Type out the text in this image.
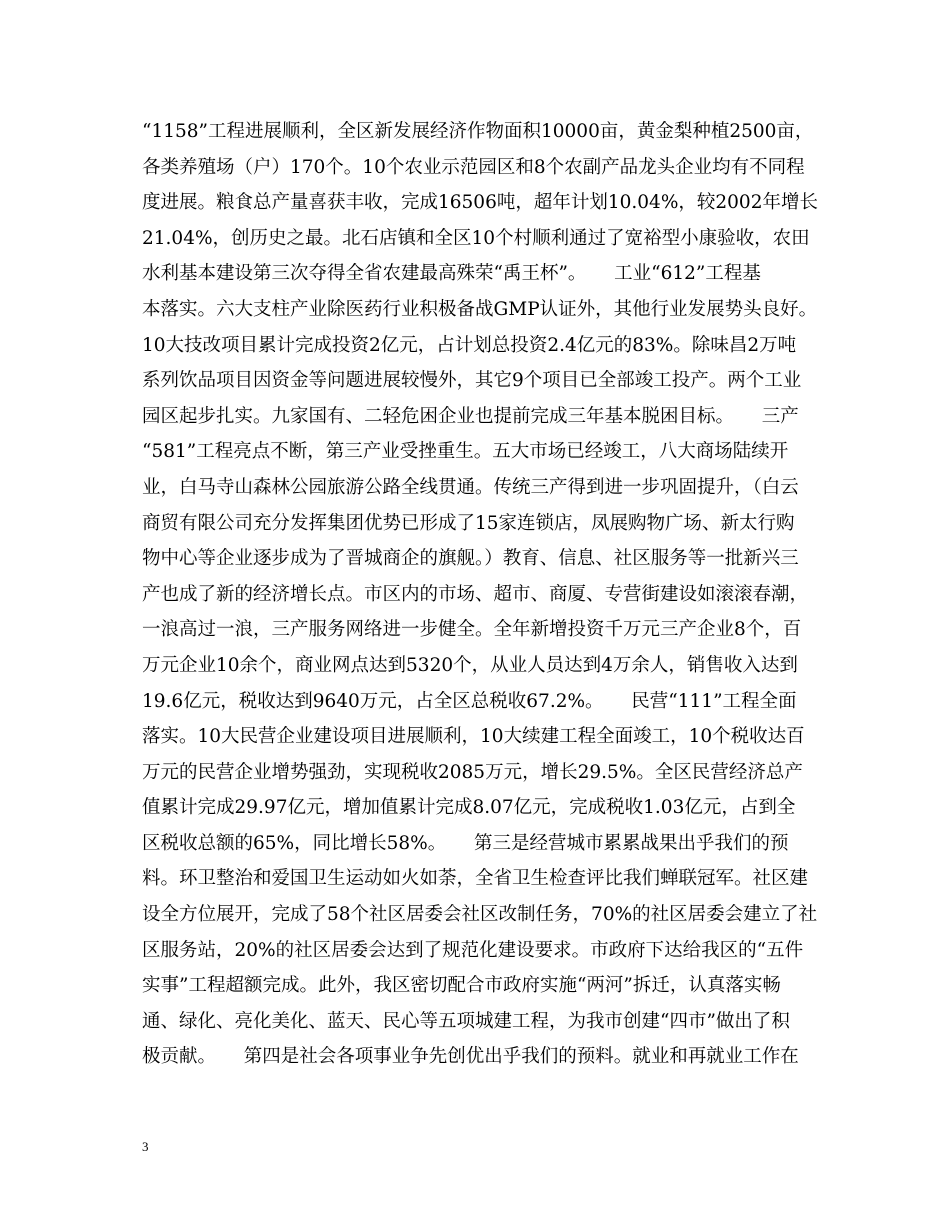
“1158”工程进展顺利，全区新发展经济作物面积10000亩，黄金梨种植2500亩，
各类养殖场（户）170个。10个农业示范园区和8个农副产品龙头企业均有不同程
度进展。粮食总产量喜获丰收，完成16506吨，超年计划10.04%，较2002年增长
21.04%，创历史之最。北石店镇和全区10个村顺利通过了宽裕型小康验收，农田
水利基本建设第三次夺得全省农建最高殊荣“禹王杯”。　　工业“612”工程基
本落实。六大支柱产业除医药行业积极备战GMP认证外，其他行业发展势头良好。
10大技改项目累计完成投资2亿元，占计划总投资2.4亿元的83%。除味昌2万吨
系列饮品项目因资金等问题进展较慢外，其它9个项目已全部竣工投产。两个工业
园区起步扎实。九家国有、二轻危困企业也提前完成三年基本脱困目标。　　三产
“581”工程亮点不断，第三产业受挫重生。五大市场已经竣工，八大商场陆续开
业，白马寺山森林公园旅游公路全线贯通。传统三产得到进一步巩固提升，（白云
商贸有限公司充分发挥集团优势已形成了15家连锁店，凤展购物广场、新太行购
物中心等企业逐步成为了晋城商企的旗舰。）教育、信息、社区服务等一批新兴三
产也成了新的经济增长点。市区内的市场、超市、商厦、专营街建设如滚滚春潮，
一浪高过一浪，三产服务网络进一步健全。全年新增投资千万元三产企业8个，百
万元企业10余个，商业网点达到5320个，从业人员达到4万余人，销售收入达到
19.6亿元，税收达到9640万元，占全区总税收67.2%。　　民营“111”工程全面
落实。10大民营企业建设项目进展顺利，10大续建工程全面竣工，10个税收达百
万元的民营企业增势强劲，实现税收2085万元，增长29.5%。全区民营经济总产
值累计完成29.97亿元，增加值累计完成8.07亿元，完成税收1.03亿元，占到全
区税收总额的65%，同比增长58%。　　第三是经营城市累累战果出乎我们的预
料。环卫整治和爱国卫生运动如火如荼，全省卫生检查评比我们蝉联冠军。社区建
设全方位展开，完成了58个社区居委会社区改制任务，70%的社区居委会建立了社
区服务站，20%的社区居委会达到了规范化建设要求。市政府下达给我区的“五件
实事”工程超额完成。此外，我区密切配合市政府实施“两河”拆迁，认真落实畅
通、绿化、亮化美化、蓝天、民心等五项城建工程，为我市创建“四市”做出了积
极贡献。　　第四是社会各项事业争先创优出乎我们的预料。就业和再就业工作在
3
